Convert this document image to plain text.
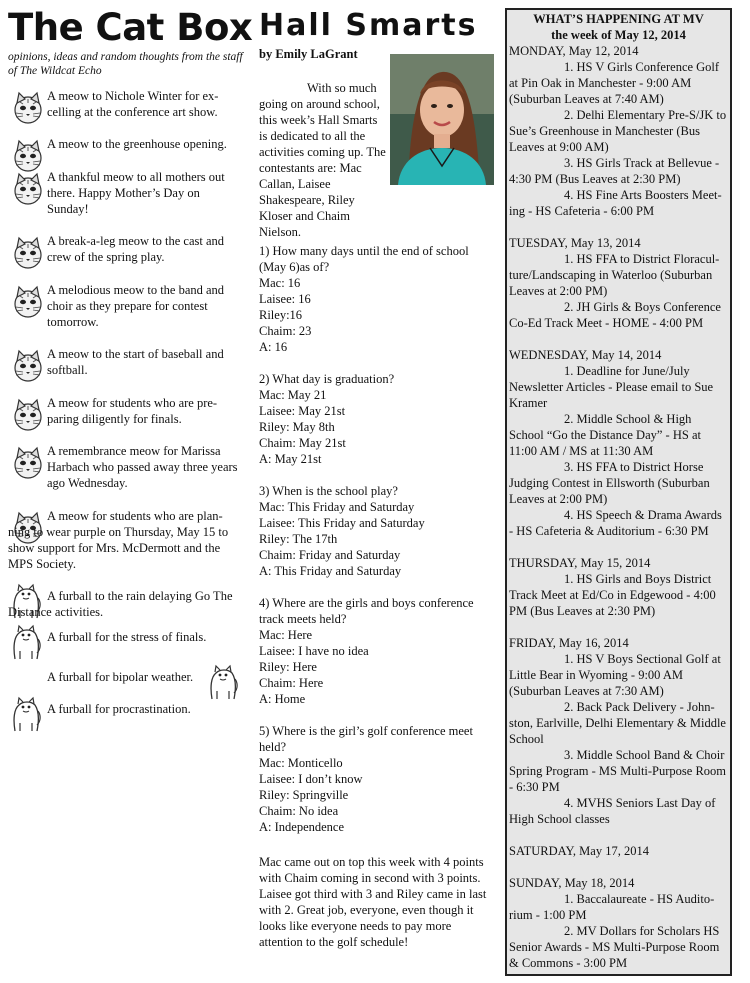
The Cat Box

opinions, ideas and random thoughts from the staff of The Wildcat Echo

A meow to Nichole Winter for ex-celling at the conference art show.
A meow to the greenhouse opening.
A thankful meow to all mothers out there. Happy Mother’s Day on Sunday!
A break-a-leg meow to the cast and crew of the spring play.
A melodious meow to the band and choir as they prepare for contest tomorrow.
A meow to the start of baseball and softball.
A meow for students who are pre-paring diligently for finals.
A remembrance meow for Marissa Harbach who passed away three years ago Wednesday.
A meow for students who are plan-ning to wear purple on Thursday, May 15 to show support for Mrs. McDermott and the MPS Society.
A furball to the rain delaying Go The Distance activities.
A furball for the stress of finals.
A furball for bipolar weather.
A furball for procrastination.
Hall Smarts

by Emily LaGrant

With so much going on around school, this week’s Hall Smarts is dedicated to all the activities coming up. The contestants are: Mac Callan, Laisee Shakespeare, Riley Kloser and Chaim Nielson.
1) How many days until the end of school (May 6)as of?
Mac: 16
Laisee: 16
Riley:16
Chaim: 23
A: 16
2) What day is graduation?
Mac: May 21
Laisee: May 21st
Riley: May 8th
Chaim: May 21st
A: May 21st
3) When is the school play?
Mac: This Friday and Saturday
Laisee: This Friday and Saturday
Riley: The 17th
Chaim: Friday and Saturday
A: This Friday and Saturday
4) Where are the girls and boys conference track meets held?
Mac: Here
Laisee: I have no idea
Riley: Here
Chaim: Here
A: Home
5) Where is the girl’s golf conference meet held?
Mac: Monticello
Laisee: I don’t know
Riley: Springville
Chaim: No idea
A: Independence
Mac came out on top this week with 4 points with Chaim coming in second with 3 points. Laisee got third with 3 and Riley came in last with 2. Great job, everyone, even though it looks like everyone needs to pay more attention to the golf schedule!

WHAT’S HAPPENING AT MV

the week of May 12, 2014

MONDAY, May 12, 2014
1. HS V Girls Conference Golf at Pin Oak in Manchester - 9:00 AM (Suburban Leaves at 7:40 AM)
2. Delhi Elementary Pre-S/JK to Sue’s Greenhouse in Manchester (Bus Leaves at 9:00 AM)
3. HS Girls Track at Bellevue - 4:30 PM (Bus Leaves at 2:30 PM)
4. HS Fine Arts Boosters Meet-ing - HS Cafeteria - 6:00 PM
TUESDAY, May 13, 2014
1. HS FFA to District Floracul-ture/Landscaping in Waterloo (Suburban Leaves at 2:00 PM)
2. JH Girls & Boys Conference Co-Ed Track Meet - HOME - 4:00 PM
WEDNESDAY, May 14, 2014
1. Deadline for June/July Newsletter Articles - Please email to Sue Kramer
2. Middle School & High School “Go the Distance Day” - HS at 11:00 AM / MS at 11:30 AM
3. HS FFA to District Horse Judging Contest in Ellsworth (Suburban Leaves at 2:00 PM)
4. HS Speech & Drama Awards - HS Cafeteria & Auditorium - 6:30 PM
THURSDAY, May 15, 2014
1. HS Girls and Boys District Track Meet at Ed/Co in Edgewood - 4:00 PM (Bus Leaves at 2:30 PM)
FRIDAY, May 16, 2014
1. HS V Boys Sectional Golf at Little Bear in Wyoming - 9:00 AM (Suburban Leaves at 7:30 AM)
2. Back Pack Delivery - John-ston, Earlville, Delhi Elementary & Middle School
3. Middle School Band & Choir Spring Program - MS Multi-Purpose Room - 6:30 PM
4. MVHS Seniors Last Day of High School classes
SATURDAY, May 17, 2014
SUNDAY, May 18, 2014
1. Baccalaureate - HS Audito-rium - 1:00 PM
2. MV Dollars for Scholars HS Senior Awards - MS Multi-Purpose Room & Commons - 3:00 PM
